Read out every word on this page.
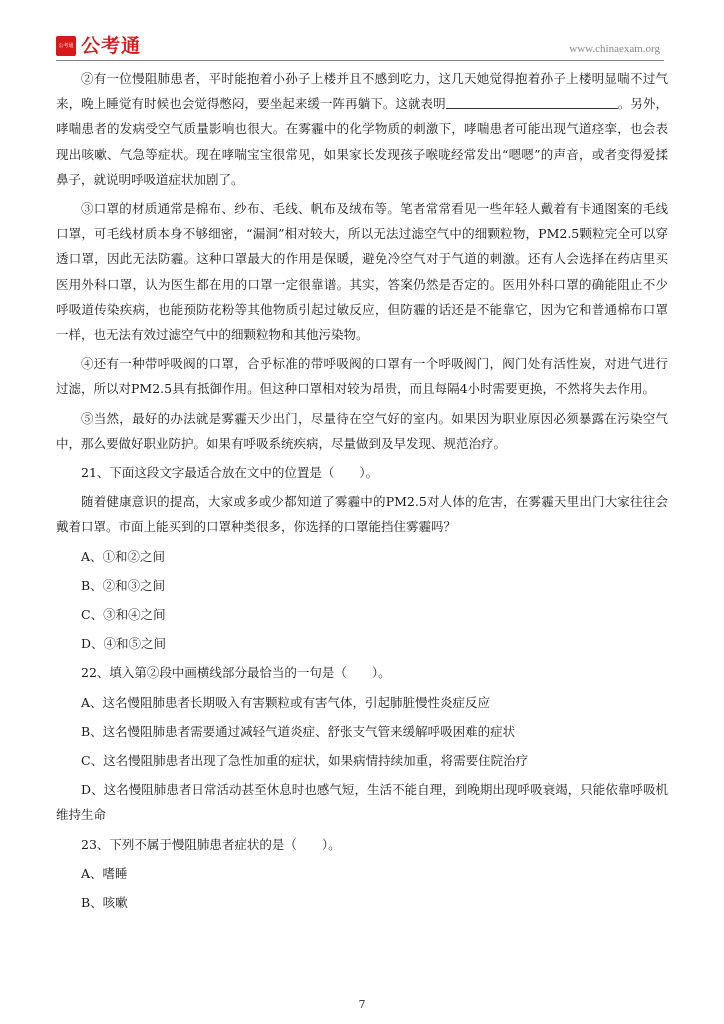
公考通 公考通	www.chinaexam.org

②有一位慢阻肺患者，平时能抱着小孙子上楼并且不感到吃力，这几天她觉得抱着孙子上楼明显喘不过气来，晚上睡觉有时候也会觉得憋闷，要坐起来缓一阵再躺下。这就表明	。另外，哮喘患者的发病受空气质量影响也很大。在雾霾中的化学物质的刺激下，哮喘患者可能出现气道痉挛，也会表现出咳嗽、气急等症状。现在哮喘宝宝很常见，如果家长发现孩子喉咙经常发出“嗯嗯”的声音，或者变得爱揉鼻子，就说明呼吸道症状加剧了。

③口罩的材质通常是棉布、纱布、毛线、帆布及绒布等。笔者常常看见一些年轻人戴着有卡通图案的毛线口罩，可毛线材质本身不够细密，“漏洞”相对较大，所以无法过滤空气中的细颗粒物，PM2.5颗粒完全可以穿透口罩，因此无法防霾。这种口罩最大的作用是保暖，避免冷空气对于气道的刺激。还有人会选择在药店里买医用外科口罩，认为医生都在用的口罩一定很靠谱。其实，答案仍然是否定的。医用外科口罩的确能阻止不少呼吸道传染疾病，也能预防花粉等其他物质引起过敏反应，但防霾的话还是不能靠它，因为它和普通棉布口罩一样，也无法有效过滤空气中的细颗粒物和其他污染物。

④还有一种带呼吸阀的口罩，合乎标准的带呼吸阀的口罩有一个呼吸阀门，阀门处有活性炭，对进气进行过滤，所以对PM2.5具有抵御作用。但这种口罩相对较为昂贵，而且每隔4小时需要更换，不然将失去作用。

⑤当然，最好的办法就是雾霾天少出门，尽量待在空气好的室内。如果因为职业原因必须暴露在污染空气中，那么要做好职业防护。如果有呼吸系统疾病，尽量做到及早发现、规范治疗。

21、下面这段文字最适合放在文中的位置是（　　）。

随着健康意识的提高，大家或多或少都知道了雾霾中的PM2.5对人体的危害，在雾霾天里出门大家往往会戴着口罩。市面上能买到的口罩种类很多，你选择的口罩能挡住雾霾吗？

A、①和②之间

B、②和③之间

C、③和④之间

D、④和⑤之间

22、填入第②段中画横线部分最恰当的一句是（　　）。

A、这名慢阻肺患者长期吸入有害颗粒或有害气体，引起肺脏慢性炎症反应

B、这名慢阻肺患者需要通过减轻气道炎症、舒张支气管来缓解呼吸困难的症状

C、这名慢阻肺患者出现了急性加重的症状，如果病情持续加重，将需要住院治疗

D、这名慢阻肺患者日常活动甚至休息时也感气短，生活不能自理，到晚期出现呼吸衰竭，只能依靠呼吸机维持生命

23、下列不属于慢阻肺患者症状的是（　　）。

A、嗜睡

B、咳嗽

7
